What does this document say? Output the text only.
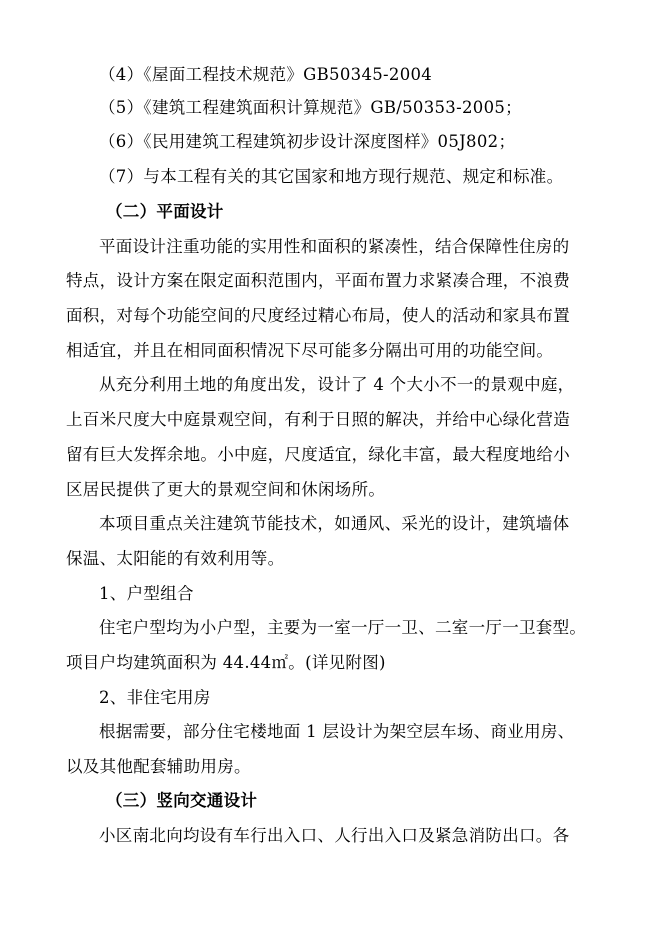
（4）《屋面工程技术规范》GB50345-2004
（5）《建筑工程建筑面积计算规范》GB/50353-2005；
（6）《民用建筑工程建筑初步设计深度图样》05J802；
（7）与本工程有关的其它国家和地方现行规范、规定和标准。
（二）平面设计
平面设计注重功能的实用性和面积的紧凑性，结合保障性住房的
特点，设计方案在限定面积范围内，平面布置力求紧凑合理，不浪费
面积，对每个功能空间的尺度经过精心布局，使人的活动和家具布置
相适宜，并且在相同面积情况下尽可能多分隔出可用的功能空间。
从充分利用土地的角度出发，设计了 4 个大小不一的景观中庭，
上百米尺度大中庭景观空间，有利于日照的解决，并给中心绿化营造
留有巨大发挥余地。小中庭，尺度适宜，绿化丰富，最大程度地给小
区居民提供了更大的景观空间和休闲场所。
本项目重点关注建筑节能技术，如通风、采光的设计，建筑墙体
保温、太阳能的有效利用等。
1、户型组合
住宅户型均为小户型，主要为一室一厅一卫、二室一厅一卫套型。
项目户均建筑面积为 44.44㎡。(详见附图)
2、非住宅用房
根据需要，部分住宅楼地面 1 层设计为架空层车场、商业用房、
以及其他配套辅助用房。
（三）竖向交通设计
小区南北向均设有车行出入口、人行出入口及紧急消防出口。各
